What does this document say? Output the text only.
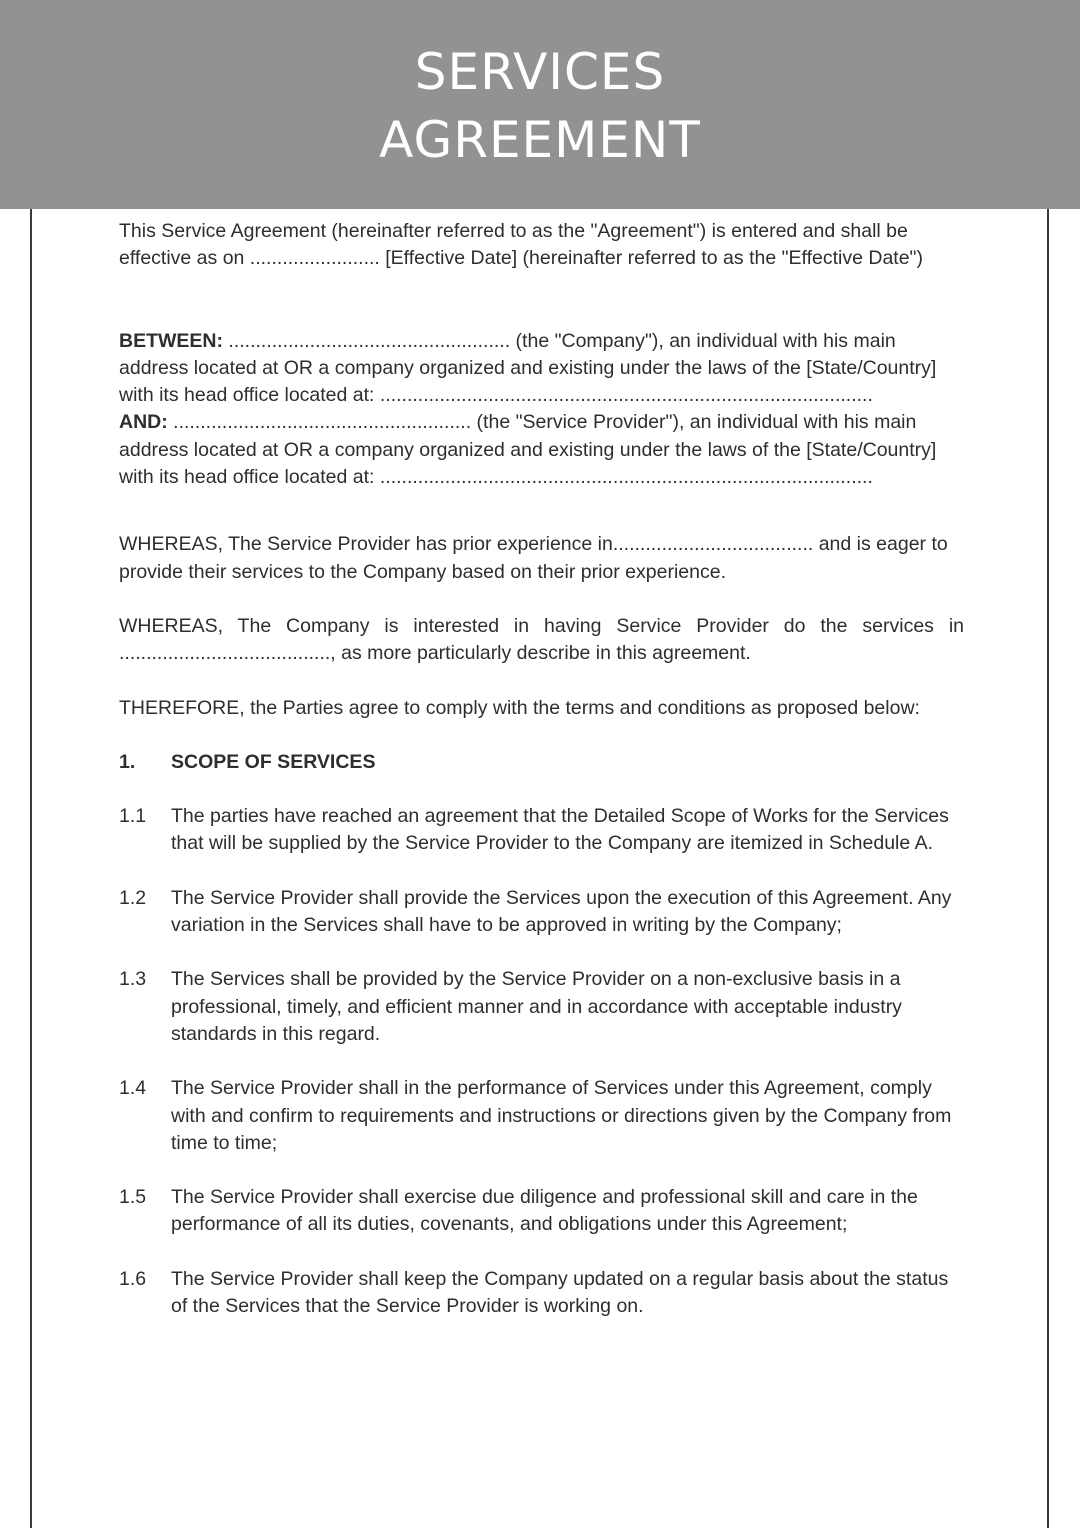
SERVICES
AGREEMENT

This Service Agreement (hereinafter referred to as the "Agreement") is entered and shall be effective as on ........................ [Effective Date] (hereinafter referred to as the "Effective Date")

BETWEEN: .................................................... (the "Company"), an individual with his main address located at OR a company organized and existing under the laws of the [State/Country] with its head office located at: ...........................................................................................

AND: ....................................................... (the "Service Provider"), an individual with his main address located at OR a company organized and existing under the laws of the [State/Country] with its head office located at: ...........................................................................................

WHEREAS, The Service Provider has prior experience in..................................... and is eager to provide their services to the Company based on their prior experience.

WHEREAS, The Company is interested in having Service Provider do the services in ......................................., as more particularly describe in this agreement.

THEREFORE, the Parties agree to comply with the terms and conditions as proposed below:

1.	SCOPE OF SERVICES
1.1	The parties have reached an agreement that the Detailed Scope of Works for the Services that will be supplied by the Service Provider to the Company are itemized in Schedule A.
1.2	The Service Provider shall provide the Services upon the execution of this Agreement. Any variation in the Services shall have to be approved in writing by the Company;
1.3	The Services shall be provided by the Service Provider on a non-exclusive basis in a professional, timely, and efficient manner and in accordance with acceptable industry standards in this regard.
1.4	The Service Provider shall in the performance of Services under this Agreement, comply with and confirm to requirements and instructions or directions given by the Company from time to time;
1.5	The Service Provider shall exercise due diligence and professional skill and care in the performance of all its duties, covenants, and obligations under this Agreement;
1.6	The Service Provider shall keep the Company updated on a regular basis about the status of the Services that the Service Provider is working on.
